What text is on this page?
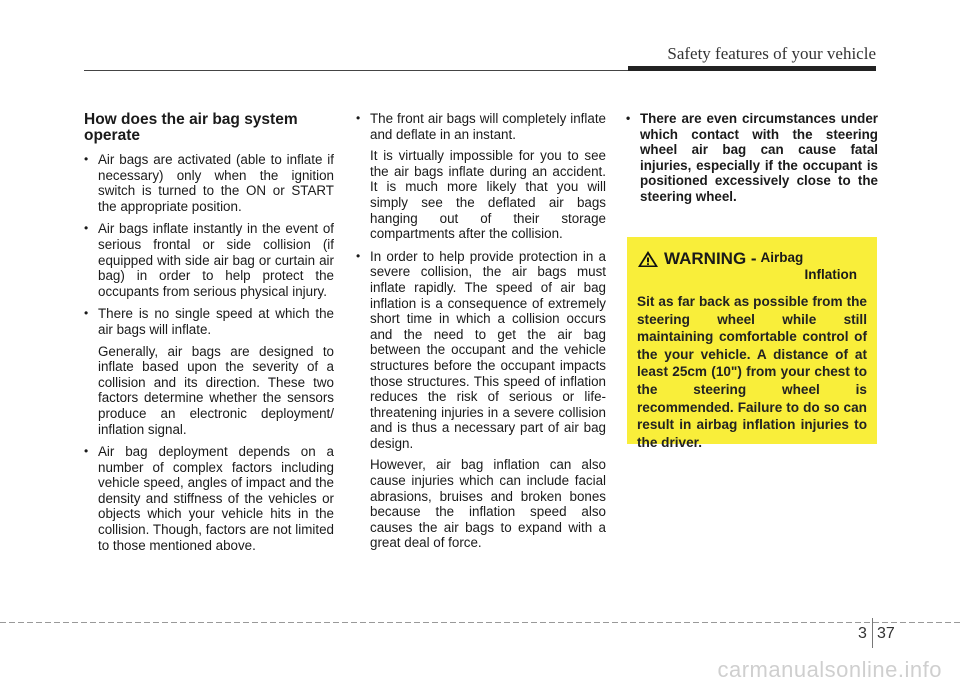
Safety features of your vehicle
How does the air bag system operate

• Air bags are activated (able to inflate if necessary) only when the ignition switch is turned to the ON or START the appropriate position.

• Air bags inflate instantly in the event of serious frontal or side collision (if equipped with side air bag or curtain air bag) in order to help protect the occupants from serious physical injury.

• There is no single speed at which the air bags will inflate.

Generally, air bags are designed to inflate based upon the severity of a collision and its direction. These two factors determine whether the sensors produce an electronic deployment/ inflation signal.

• Air bag deployment depends on a number of complex factors including vehicle speed, angles of impact and the density and stiffness of the vehicles or objects which your vehicle hits in the collision. Though, factors are not limited to those mentioned above.

• The front air bags will completely inflate and deflate in an instant.

It is virtually impossible for you to see the air bags inflate during an accident. It is much more likely that you will simply see the deflated air bags hanging out of their storage compartments after the collision.

• In order to help provide protection in a severe collision, the air bags must inflate rapidly. The speed of air bag inflation is a consequence of extremely short time in which a collision occurs and the need to get the air bag between the occupant and the vehicle structures before the occupant impacts those structures. This speed of inflation reduces the risk of serious or life-threatening injuries in a severe collision and is thus a necessary part of air bag design.

However, air bag inflation can also cause injuries which can include facial abrasions, bruises and broken bones because the inflation speed also causes the air bags to expand with a great deal of force.

• There are even circumstances under which contact with the steering wheel air bag can cause fatal injuries, especially if the occupant is positioned excessively close to the steering wheel.

WARNING - Airbag
Inflation
Sit as far back as possible from the steering wheel while still maintaining comfortable control of the your vehicle. A distance of at least 25cm (10") from your chest to the steering wheel is recommended. Failure to do so can result in airbag inflation injuries to the driver.
3 37
carmanualsonline.info
